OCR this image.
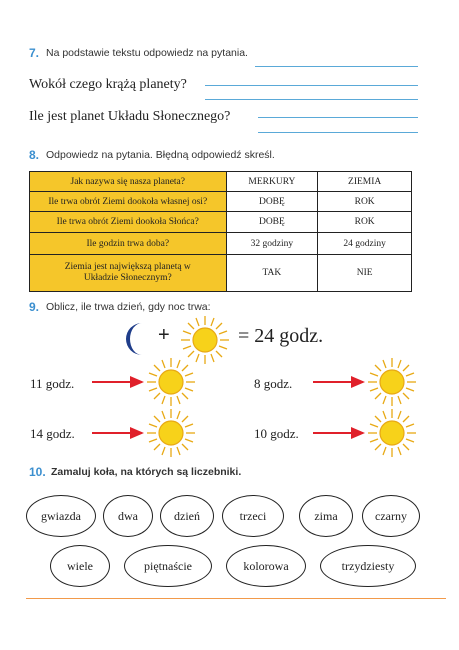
7. Na podstawie tekstu odpowiedz na pytania.
Wokół czego krążą planety?
Ile jest planet Układu Słonecznego?
8. Odpowiedz na pytania. Błędną odpowiedź skreśl.
Jak nazywa się nasza planeta?	MERKURY	ZIEMIA
Ile trwa obrót Ziemi dookoła własnej osi?	DOBĘ	ROK
Ile trwa obrót Ziemi dookoła Słońca?	DOBĘ	ROK
Ile godzin trwa doba?	32 godziny	24 godziny
Ziemia jest największą planetą w Układzie Słonecznym?	TAK	NIE
9. Oblicz, ile trwa dzień, gdy noc trwa:
+	= 24 godz.
11 godz.	8 godz.
14 godz.	10 godz.
10. Zamaluj koła, na których są liczebniki.
gwiazda	dwa	dzień	trzeci	zima	czarny
wiele	piętnaście	kolorowa	trzydziesty
